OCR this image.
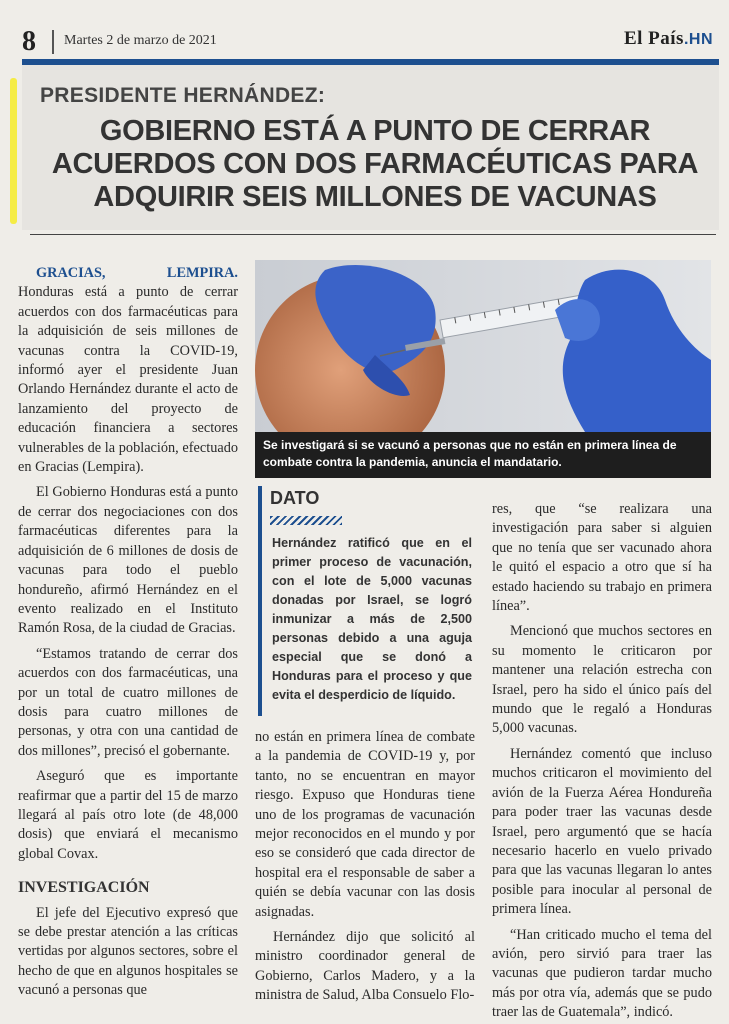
8 Martes 2 de marzo de 2021	El País.HN
PRESIDENTE HERNÁNDEZ:
GOBIERNO ESTÁ A PUNTO DE CERRAR ACUERDOS CON DOS FARMACÉUTICAS PARA ADQUIRIR SEIS MILLONES DE VACUNAS
Se investigará si se vacunó a personas que no están en primera línea de combate contra la pandemia, anuncia el mandatario.

GRACIAS, LEMPIRA. Honduras está a punto de cerrar acuerdos con dos farmacéuticas para la adquisición de seis millones de vacunas contra la COVID-19, informó ayer el presidente Juan Orlando Hernández durante el acto de lanzamiento del proyecto de educación financiera a sectores vulnerables de la población, efectuado en Gracias (Lempira).

El Gobierno Honduras está a punto de cerrar dos negociaciones con dos farmacéuticas diferentes para la adquisición de 6 millones de dosis de vacunas para todo el pueblo hondureño, afirmó Hernández en el evento realizado en el Instituto Ramón Rosa, de la ciudad de Gracias.

“Estamos tratando de cerrar dos acuerdos con dos farmacéuticas, una por un total de cuatro millones de dosis para cuatro millones de personas, y otra con una cantidad de dos millones”, precisó el gobernante.

Aseguró que es importante reafirmar que a partir del 15 de marzo llegará al país otro lote (de 48,000 dosis) que enviará el mecanismo global Covax.

INVESTIGACIÓN

El jefe del Ejecutivo expresó que se debe prestar atención a las críticas vertidas por algunos sectores, sobre el hecho de que en algunos hospitales se vacunó a personas que

DATO
Hernández ratificó que en el primer proceso de vacunación, con el lote de 5,000 vacunas donadas por Israel, se logró inmunizar a más de 2,500 personas debido a una aguja especial que se donó a Honduras para el proceso y que evita el desperdicio de líquido.

no están en primera línea de combate a la pandemia de COVID-19 y, por tanto, no se encuentran en mayor riesgo. Expuso que Honduras tiene uno de los programas de vacunación mejor reconocidos en el mundo y por eso se consideró que cada director de hospital era el responsable de saber a quién se debía vacunar con las dosis asignadas.

Hernández dijo que solicitó al ministro coordinador general de Gobierno, Carlos Madero, y a la ministra de Salud, Alba Consuelo Flo-

res, que “se realizara una investigación para saber si alguien que no tenía que ser vacunado ahora le quitó el espacio a otro que sí ha estado haciendo su trabajo en primera línea”.

Mencionó que muchos sectores en su momento le criticaron por mantener una relación estrecha con Israel, pero ha sido el único país del mundo que le regaló a Honduras 5,000 vacunas.

Hernández comentó que incluso muchos criticaron el movimiento del avión de la Fuerza Aérea Hondureña para poder traer las vacunas desde Israel, pero argumentó que se hacía necesario hacerlo en vuelo privado para que las vacunas llegaran lo antes posible para inocular al personal de primera línea.

“Han criticado mucho el tema del avión, pero sirvió para traer las vacunas que pudieron tardar mucho más por otra vía, además que se pudo traer las de Guatemala”, indicó.
